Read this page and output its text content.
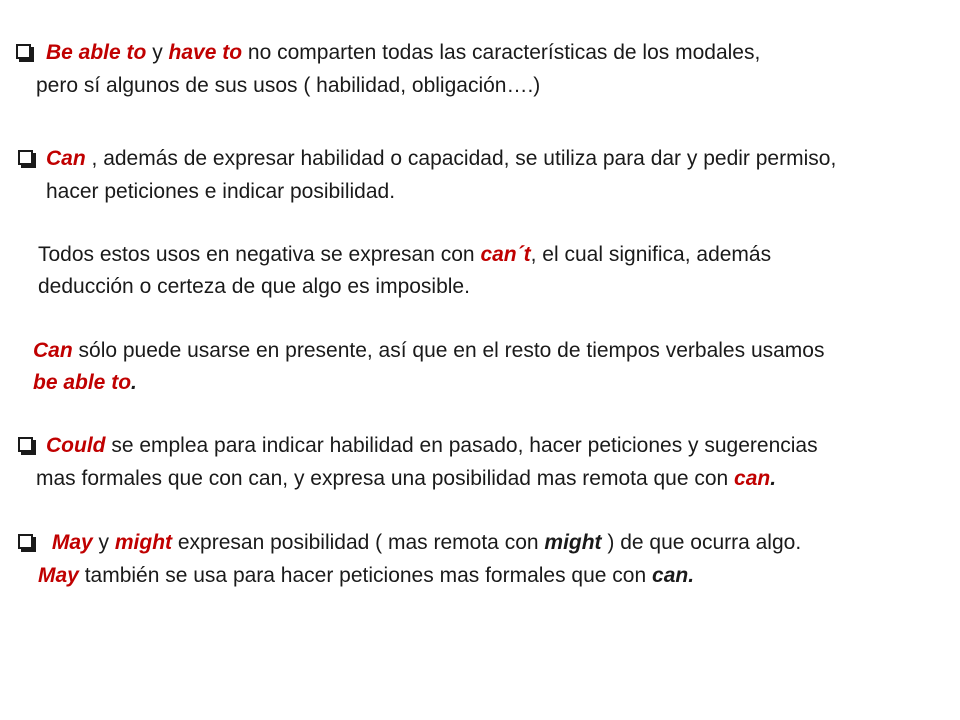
Be able to y have to no comparten todas las características de los modales,
pero sí algunos de sus usos ( habilidad, obligación….)
Can , además de expresar habilidad o capacidad, se utiliza para dar y pedir permiso,
hacer peticiones e indicar posibilidad.
Todos estos usos en negativa se expresan con can´t, el cual significa, además
deducción o certeza de que algo es imposible.
Can sólo puede usarse en presente, así que en el resto de tiempos verbales usamos
be able to.
Could se emplea para indicar habilidad en pasado, hacer peticiones y sugerencias
mas formales que con can, y expresa una posibilidad mas remota que con can.
May y might expresan posibilidad ( mas remota con might ) de que ocurra algo.
May también se usa para hacer peticiones mas formales que con can.
